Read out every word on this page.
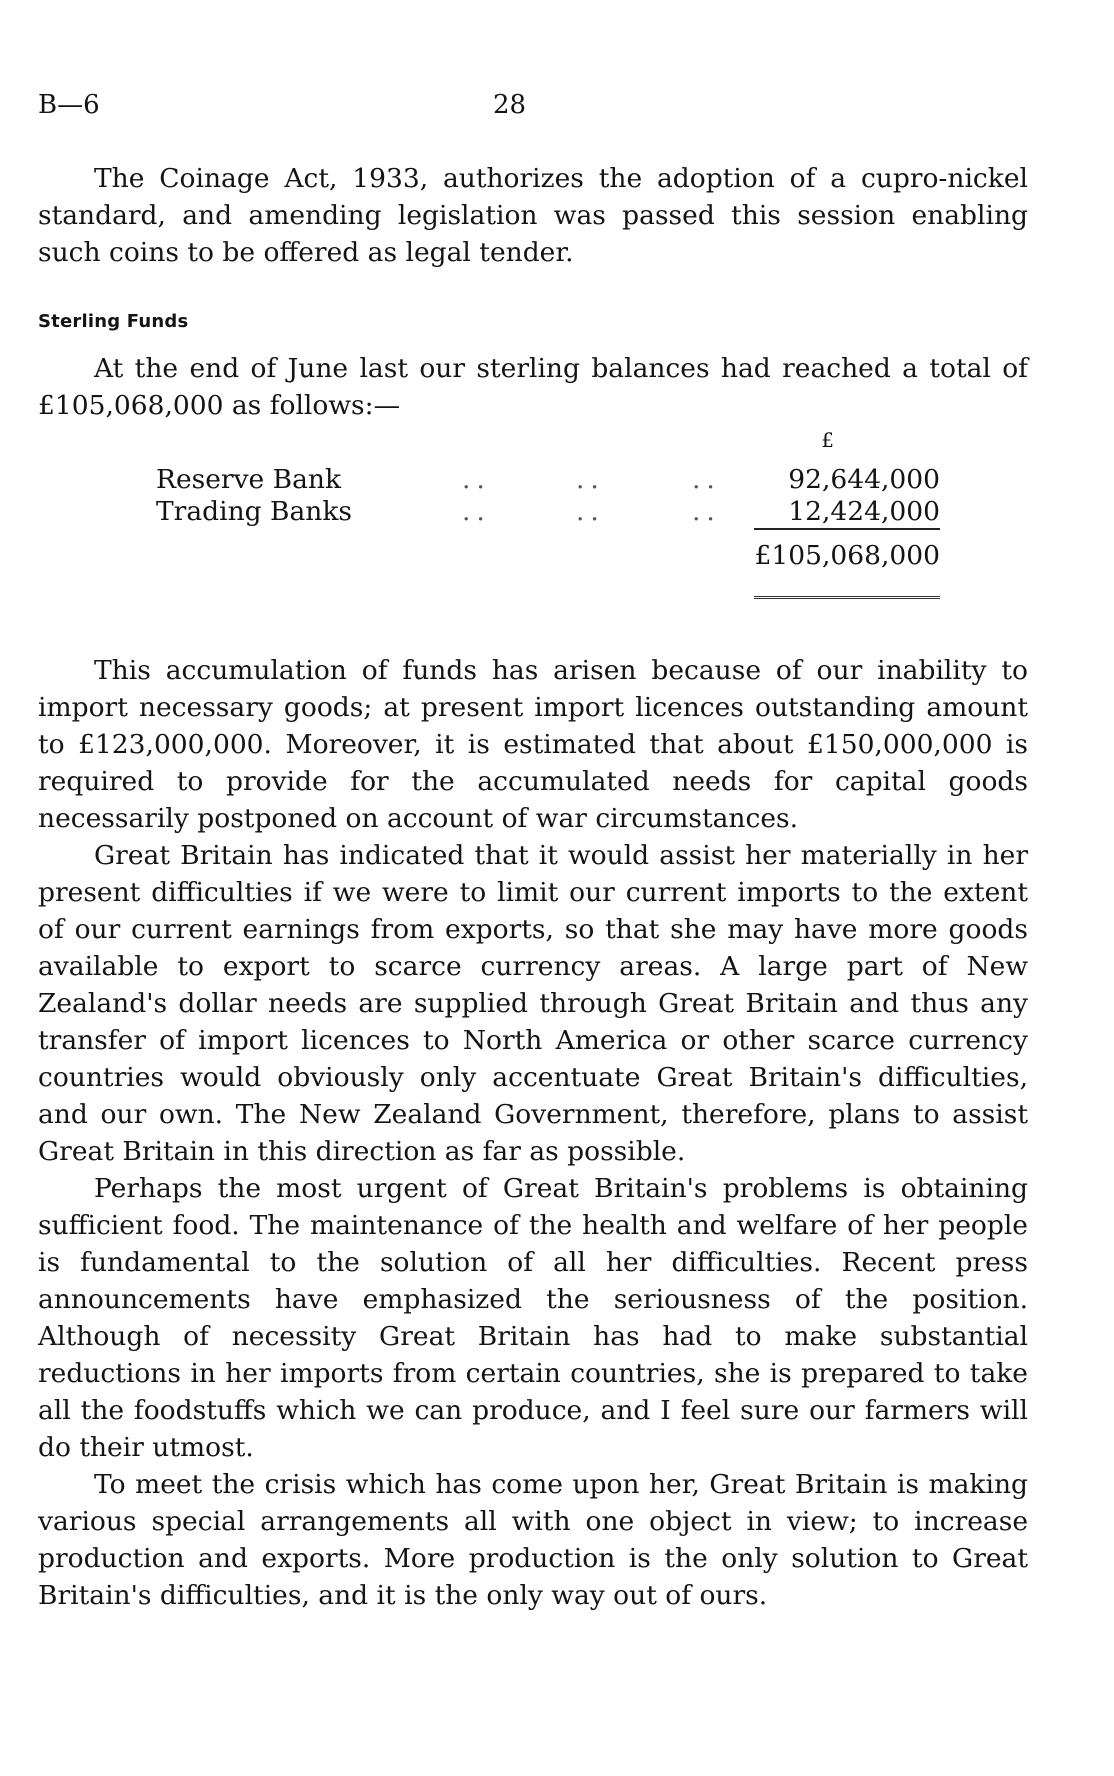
B—6	28

The Coinage Act, 1933, authorizes the adoption of a cupro-nickel standard, and amending legislation was passed this session enabling such coins to be offered as legal tender.

Sterling Funds

At the end of June last our sterling balances had reached a total of £105,068,000 as follows:—

£
Reserve Bank	..	..	..	92,644,000
Trading Banks	..	..	..	12,424,000
£105,068,000

This accumulation of funds has arisen because of our inability to import necessary goods; at present import licences outstanding amount to £123,000,000. Moreover, it is estimated that about £150,000,000 is required to provide for the accumulated needs for capital goods necessarily postponed on account of war circumstances.

Great Britain has indicated that it would assist her materially in her present difficulties if we were to limit our current imports to the extent of our current earnings from exports, so that she may have more goods available to export to scarce currency areas. A large part of New Zealand's dollar needs are supplied through Great Britain and thus any transfer of import licences to North America or other scarce currency countries would obviously only accentuate Great Britain's difficulties, and our own. The New Zealand Government, therefore, plans to assist Great Britain in this direction as far as possible.

Perhaps the most urgent of Great Britain's problems is obtaining sufficient food. The maintenance of the health and welfare of her people is fundamental to the solution of all her difficulties. Recent press announcements have emphasized the seriousness of the position. Although of necessity Great Britain has had to make substantial reductions in her imports from certain countries, she is prepared to take all the foodstuffs which we can produce, and I feel sure our farmers will do their utmost.

To meet the crisis which has come upon her, Great Britain is making various special arrangements all with one object in view; to increase production and exports. More production is the only solution to Great Britain's difficulties, and it is the only way out of ours.
